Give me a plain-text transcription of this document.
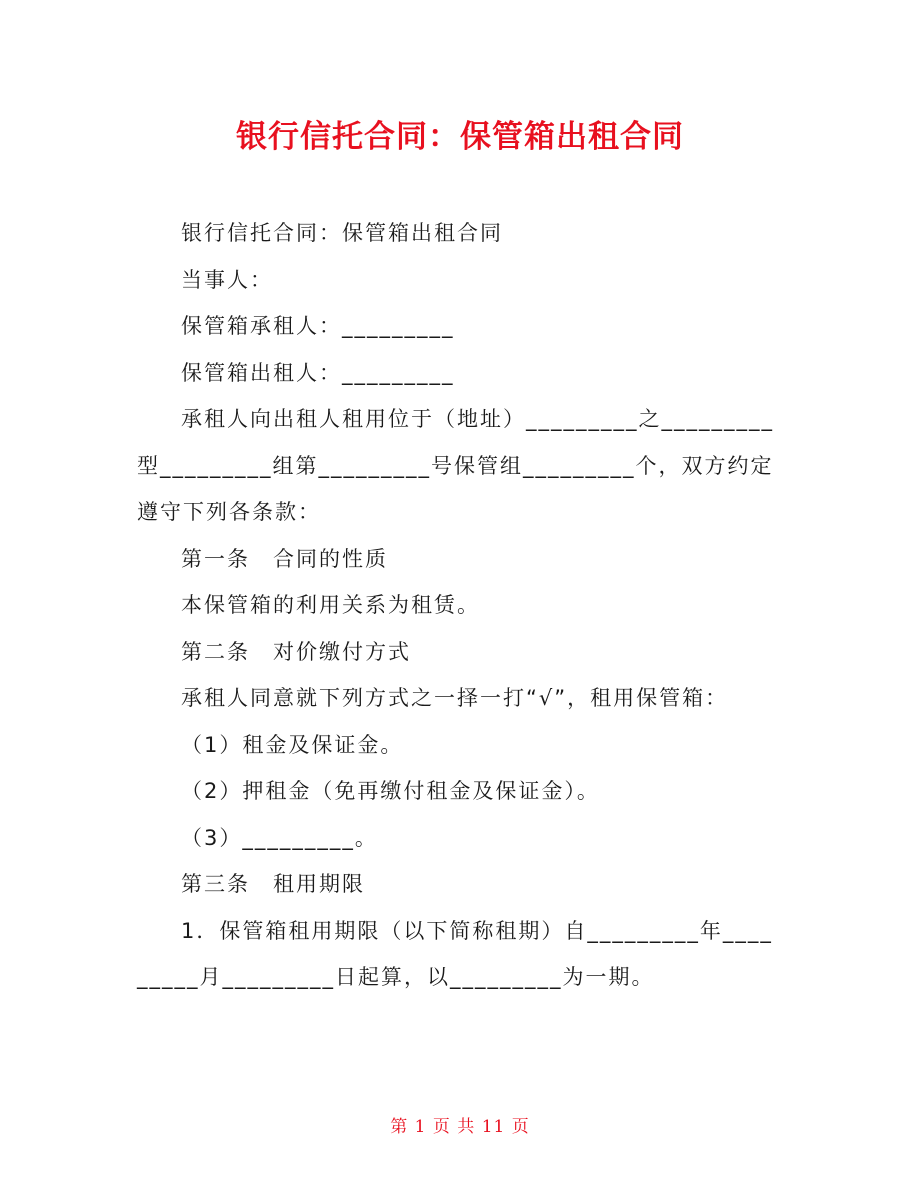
银行信托合同：保管箱出租合同

银行信托合同：保管箱出租合同

当事人：

保管箱承租人：_________

保管箱出租人：_________

承租人向出租人租用位于（地址）_________之_________型_________组第_________号保管组_________个，双方约定遵守下列各条款：

第一条　合同的性质

本保管箱的利用关系为租赁。

第二条　对价缴付方式

承租人同意就下列方式之一择一打“√”，租用保管箱：

（1）租金及保证金。

（2）押租金（免再缴付租金及保证金）。

（3）_________。

第三条　租用期限

1．保管箱租用期限（以下简称租期）自_________年_________月_________日起算，以_________为一期。

第 1 页 共 11 页
